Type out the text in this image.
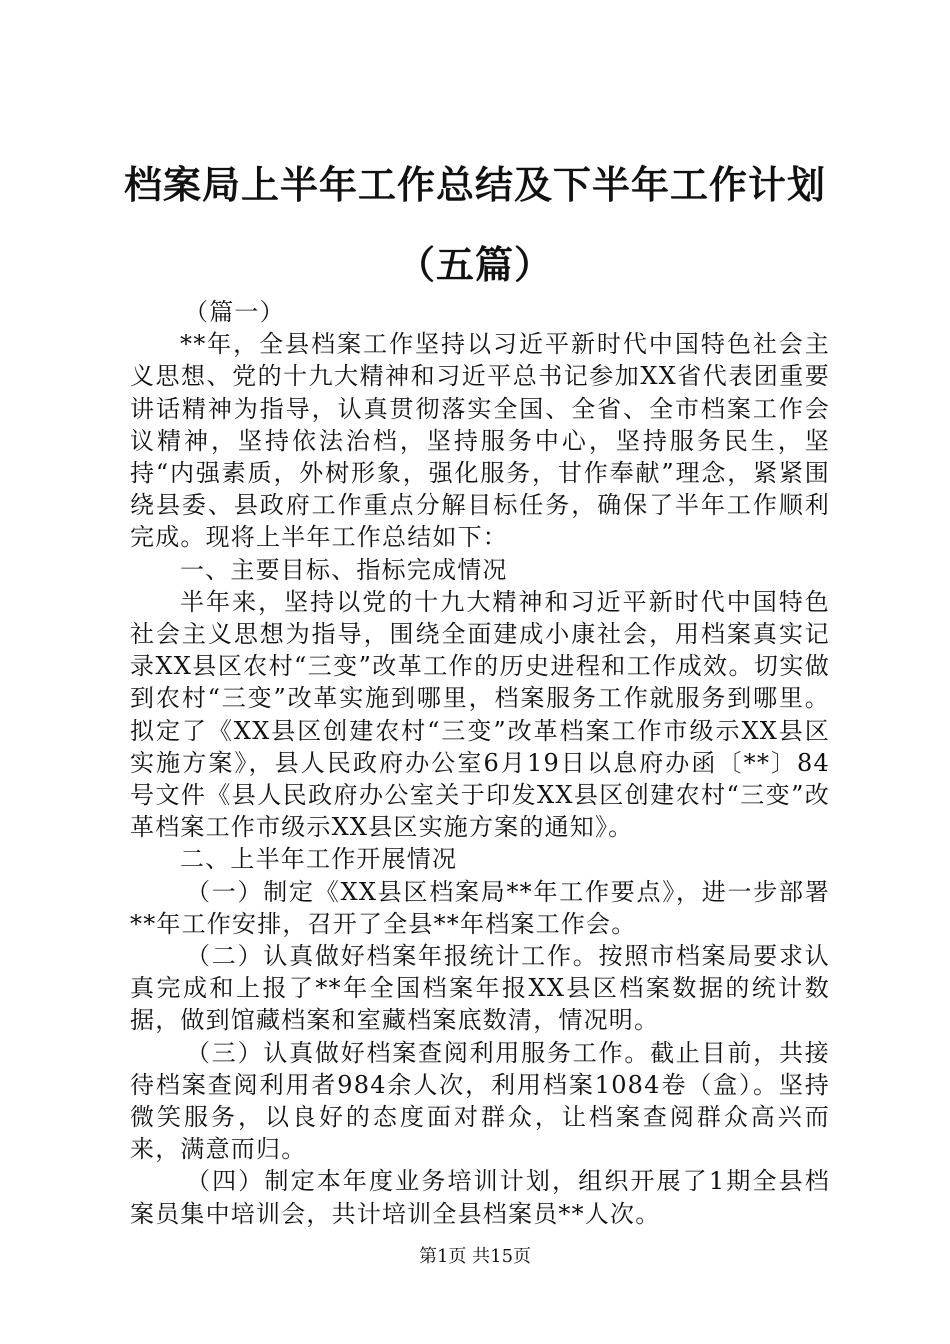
档案局上半年工作总结及下半年工作计划（五篇）

（篇一）

**年，全县档案工作坚持以习近平新时代中国特色社会主义思想、党的十九大精神和习近平总书记参加XX省代表团重要讲话精神为指导，认真贯彻落实全国、全省、全市档案工作会议精神，坚持依法治档，坚持服务中心，坚持服务民生，坚持“内强素质，外树形象，强化服务，甘作奉献”理念，紧紧围绕县委、县政府工作重点分解目标任务，确保了半年工作顺利完成。现将上半年工作总结如下：

一、主要目标、指标完成情况

半年来，坚持以党的十九大精神和习近平新时代中国特色社会主义思想为指导，围绕全面建成小康社会，用档案真实记录XX县区农村“三变”改革工作的历史进程和工作成效。切实做到农村“三变”改革实施到哪里，档案服务工作就服务到哪里。拟定了《XX县区创建农村“三变”改革档案工作市级示XX县区实施方案》，县人民政府办公室6月19日以息府办函〔**〕84号文件《县人民政府办公室关于印发XX县区创建农村“三变”改革档案工作市级示XX县区实施方案的通知》。

二、上半年工作开展情况

（一）制定《XX县区档案局**年工作要点》，进一步部署**年工作安排，召开了全县**年档案工作会。

（二）认真做好档案年报统计工作。按照市档案局要求认真完成和上报了**年全国档案年报XX县区档案数据的统计数据，做到馆藏档案和室藏档案底数清，情况明。

（三）认真做好档案查阅利用服务工作。截止目前，共接待档案查阅利用者984余人次，利用档案1084卷（盒）。坚持微笑服务，以良好的态度面对群众，让档案查阅群众高兴而来，满意而归。

（四）制定本年度业务培训计划，组织开展了1期全县档案员集中培训会，共计培训全县档案员**人次。

第1页 共15页
